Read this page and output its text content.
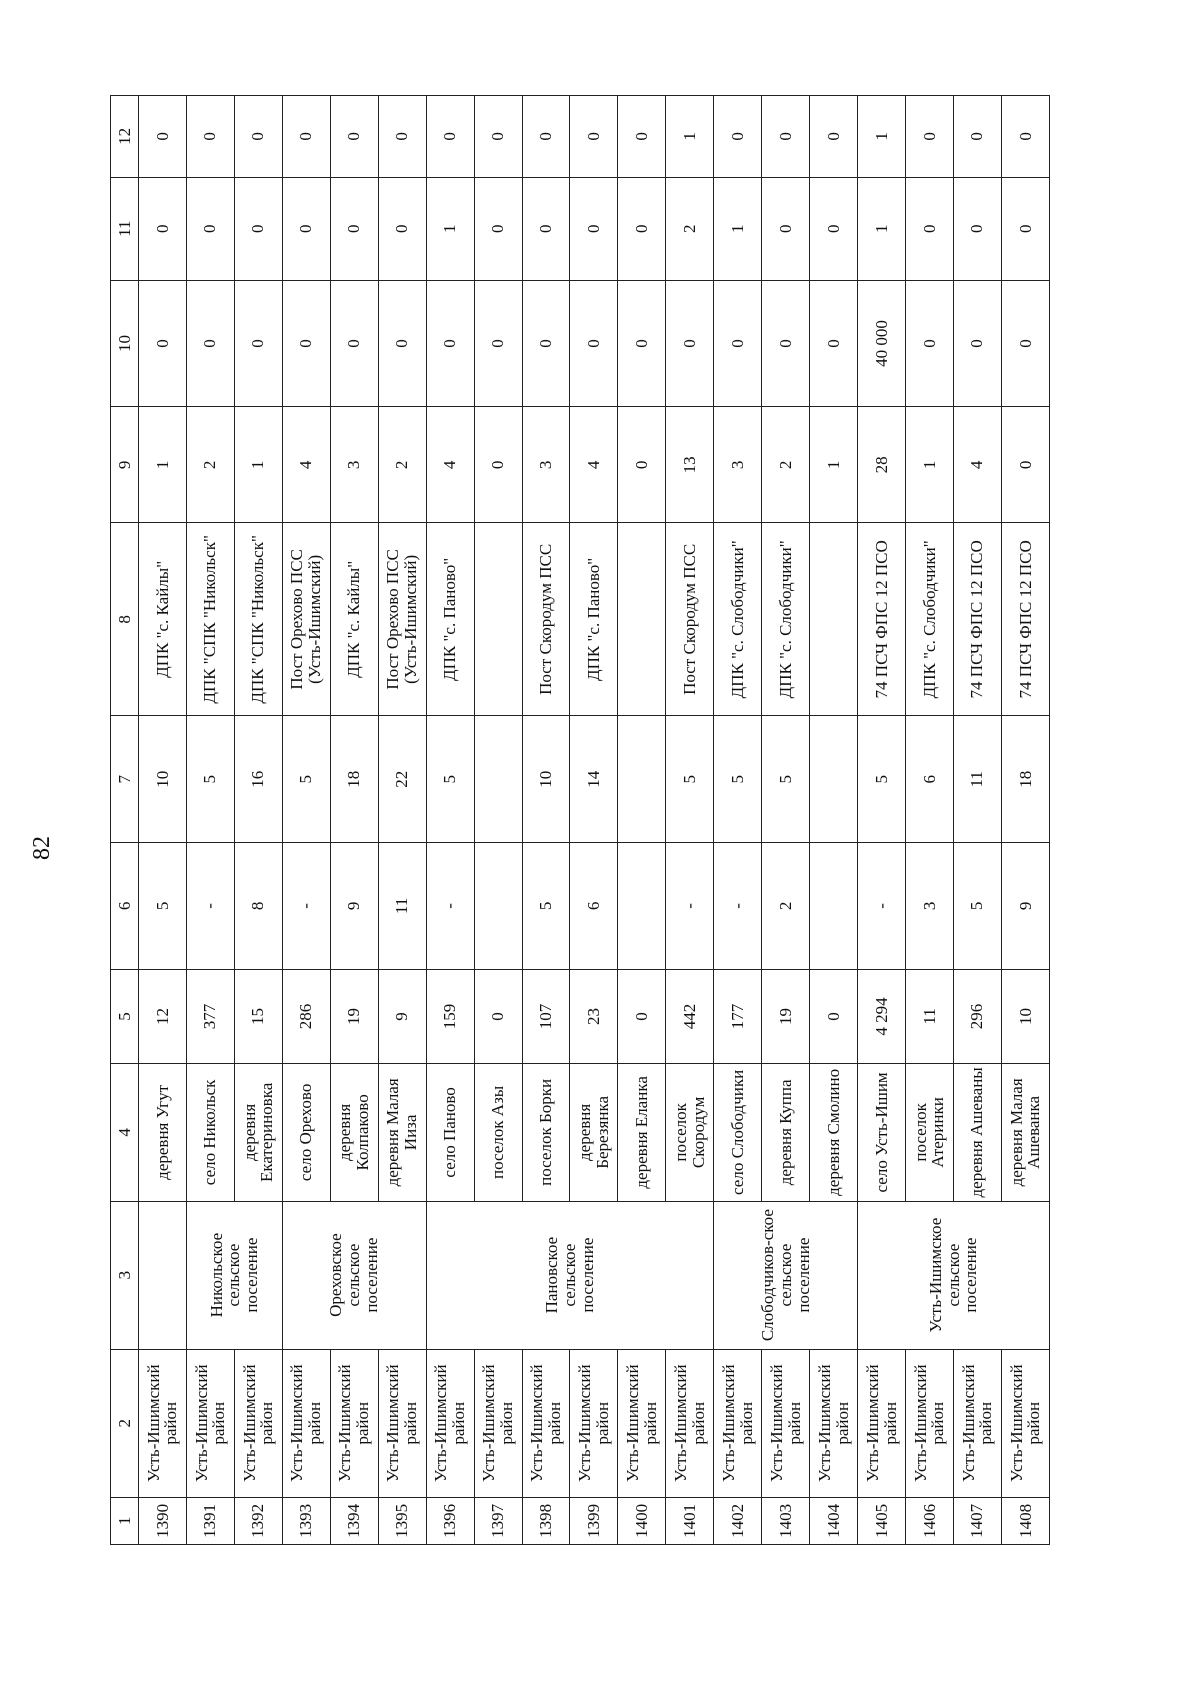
82
1	2	3	4	5	6	7	8	9	10	11	12
1390	Усть-Ишимский район		деревня Угут	12	5	10	ДПК "с. Кайлы"	1	0	0	0
1391	Усть-Ишимский район	Никольское сельское поселение	село Никольск	377	-	5	ДПК "СПК "Никольск"	2	0	0	0
1392	Усть-Ишимский район		деревня Екатериновка	15	8	16	ДПК "СПК "Никольск"	1	0	0	0
1393	Усть-Ишимский район	Ореховское сельское поселение	село Орехово	286	-	5	Пост Орехово ПСС (Усть-Ишимский)	4	0	0	0
1394	Усть-Ишимский район		деревня Колпаково	19	9	18	ДПК "с. Кайлы"	3	0	0	0
1395	Усть-Ишимский район		деревня Малая Ииза	9	11	22	Пост Орехово ПСС (Усть-Ишимский)	2	0	0	0
1396	Усть-Ишимский район	Пановское сельское поселение	село Паново	159	-	5	ДПК "с. Паново"	4	0	1	0
1397	Усть-Ишимский район		поселок Азы	0				0	0	0	0
1398	Усть-Ишимский район		поселок Борки	107	5	10	Пост Скородум ПСС	3	0	0	0
1399	Усть-Ишимский район		деревня Березянка	23	6	14	ДПК "с. Паново"	4	0	0	0
1400	Усть-Ишимский район		деревня Еланка	0				0	0	0	0
1401	Усть-Ишимский район		поселок Скородум	442	-	5	Пост Скородум ПСС	13	0	2	1
1402	Усть-Ишимский район	Слободчиков-ское сельское поселение	село Слободчики	177	-	5	ДПК "с. Слободчики"	3	0	1	0
1403	Усть-Ишимский район		деревня Куппа	19	2	5	ДПК "с. Слободчики"	2	0	0	0
1404	Усть-Ишимский район		деревня Смолино	0				1	0	0	0
1405	Усть-Ишимский район	Усть-Ишимское сельское поселение	село Усть-Ишим	4 294	-	5	74 ПСЧ ФПС 12 ПСО	28	40 000	1	1
1406	Усть-Ишимский район		поселок Атеринки	11	3	6	ДПК "с. Слободчики"	1	0	0	0
1407	Усть-Ишимский район		деревня Ашеваны	296	5	11	74 ПСЧ ФПС 12 ПСО	4	0	0	0
1408	Усть-Ишимский район		деревня Малая Ашеванка	10	9	18	74 ПСЧ ФПС 12 ПСО	0	0	0	0
